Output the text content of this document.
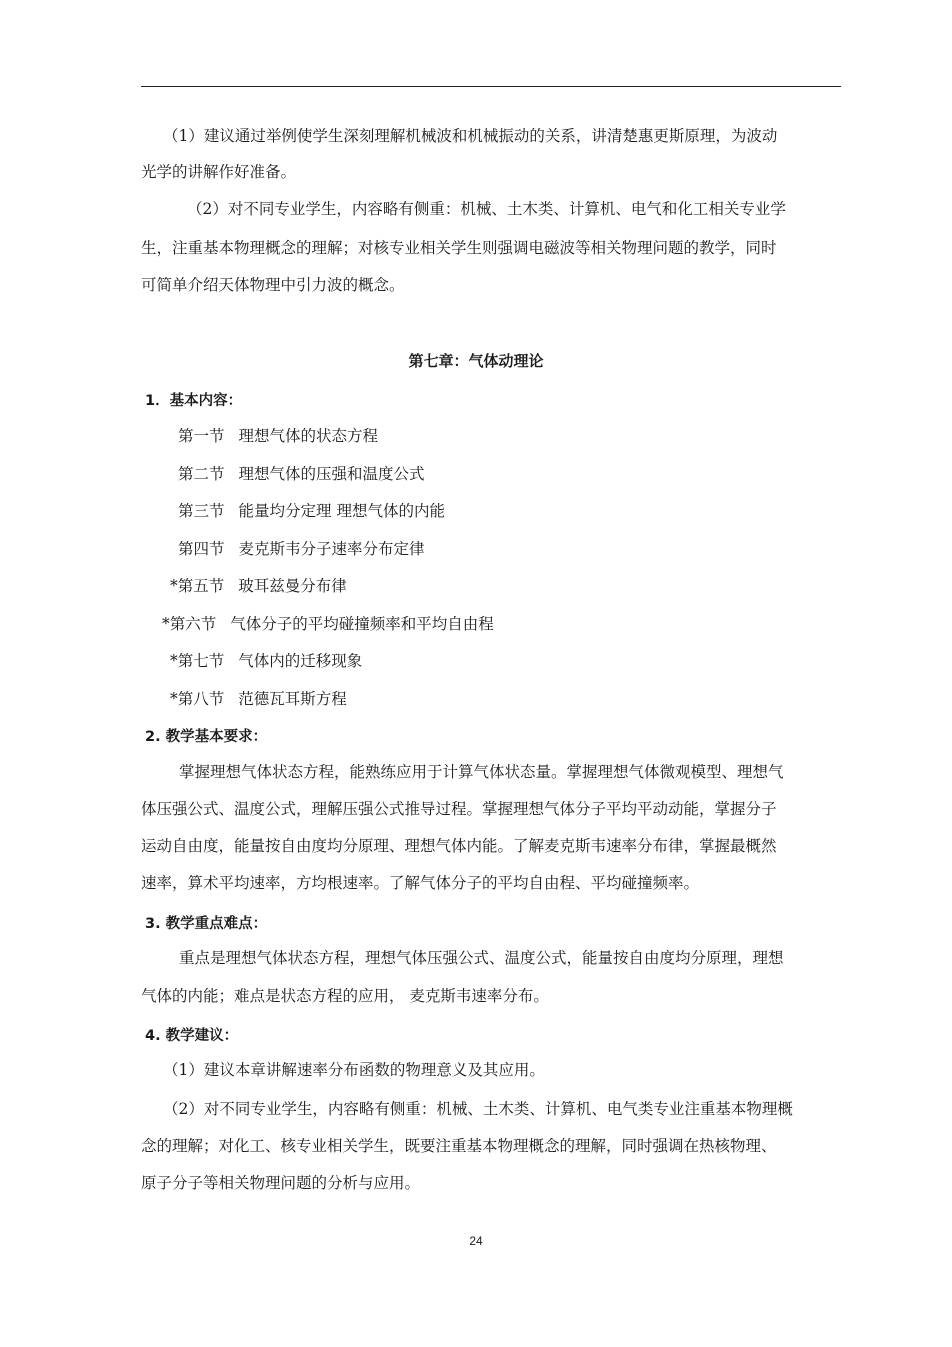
（1）建议通过举例使学生深刻理解机械波和机械振动的关系，讲清楚惠更斯原理，为波动
光学的讲解作好准备。
（2）对不同专业学生，内容略有侧重：机械、土木类、计算机、电气和化工相关专业学
生，注重基本物理概念的理解；对核专业相关学生则强调电磁波等相关物理问题的教学，同时
可简单介绍天体物理中引力波的概念。
第七章：气体动理论
1．基本内容：
第一节 理想气体的状态方程
第二节 理想气体的压强和温度公式
第三节 能量均分定理 理想气体的内能
第四节 麦克斯韦分子速率分布定律
*第五节 玻耳兹曼分布律
*第六节 气体分子的平均碰撞频率和平均自由程
*第七节 气体内的迁移现象
*第八节 范德瓦耳斯方程
2. 教学基本要求：
掌握理想气体状态方程，能熟练应用于计算气体状态量。掌握理想气体微观模型、理想气
体压强公式、温度公式，理解压强公式推导过程。掌握理想气体分子平均平动动能，掌握分子
运动自由度，能量按自由度均分原理、理想气体内能。了解麦克斯韦速率分布律，掌握最概然
速率，算术平均速率，方均根速率。了解气体分子的平均自由程、平均碰撞频率。
3. 教学重点难点：
重点是理想气体状态方程，理想气体压强公式、温度公式，能量按自由度均分原理，理想
气体的内能；难点是状态方程的应用， 麦克斯韦速率分布。
4. 教学建议：
（1）建议本章讲解速率分布函数的物理意义及其应用。
（2）对不同专业学生，内容略有侧重：机械、土木类、计算机、电气类专业注重基本物理概
念的理解；对化工、核专业相关学生，既要注重基本物理概念的理解，同时强调在热核物理、
原子分子等相关物理问题的分析与应用。
24
